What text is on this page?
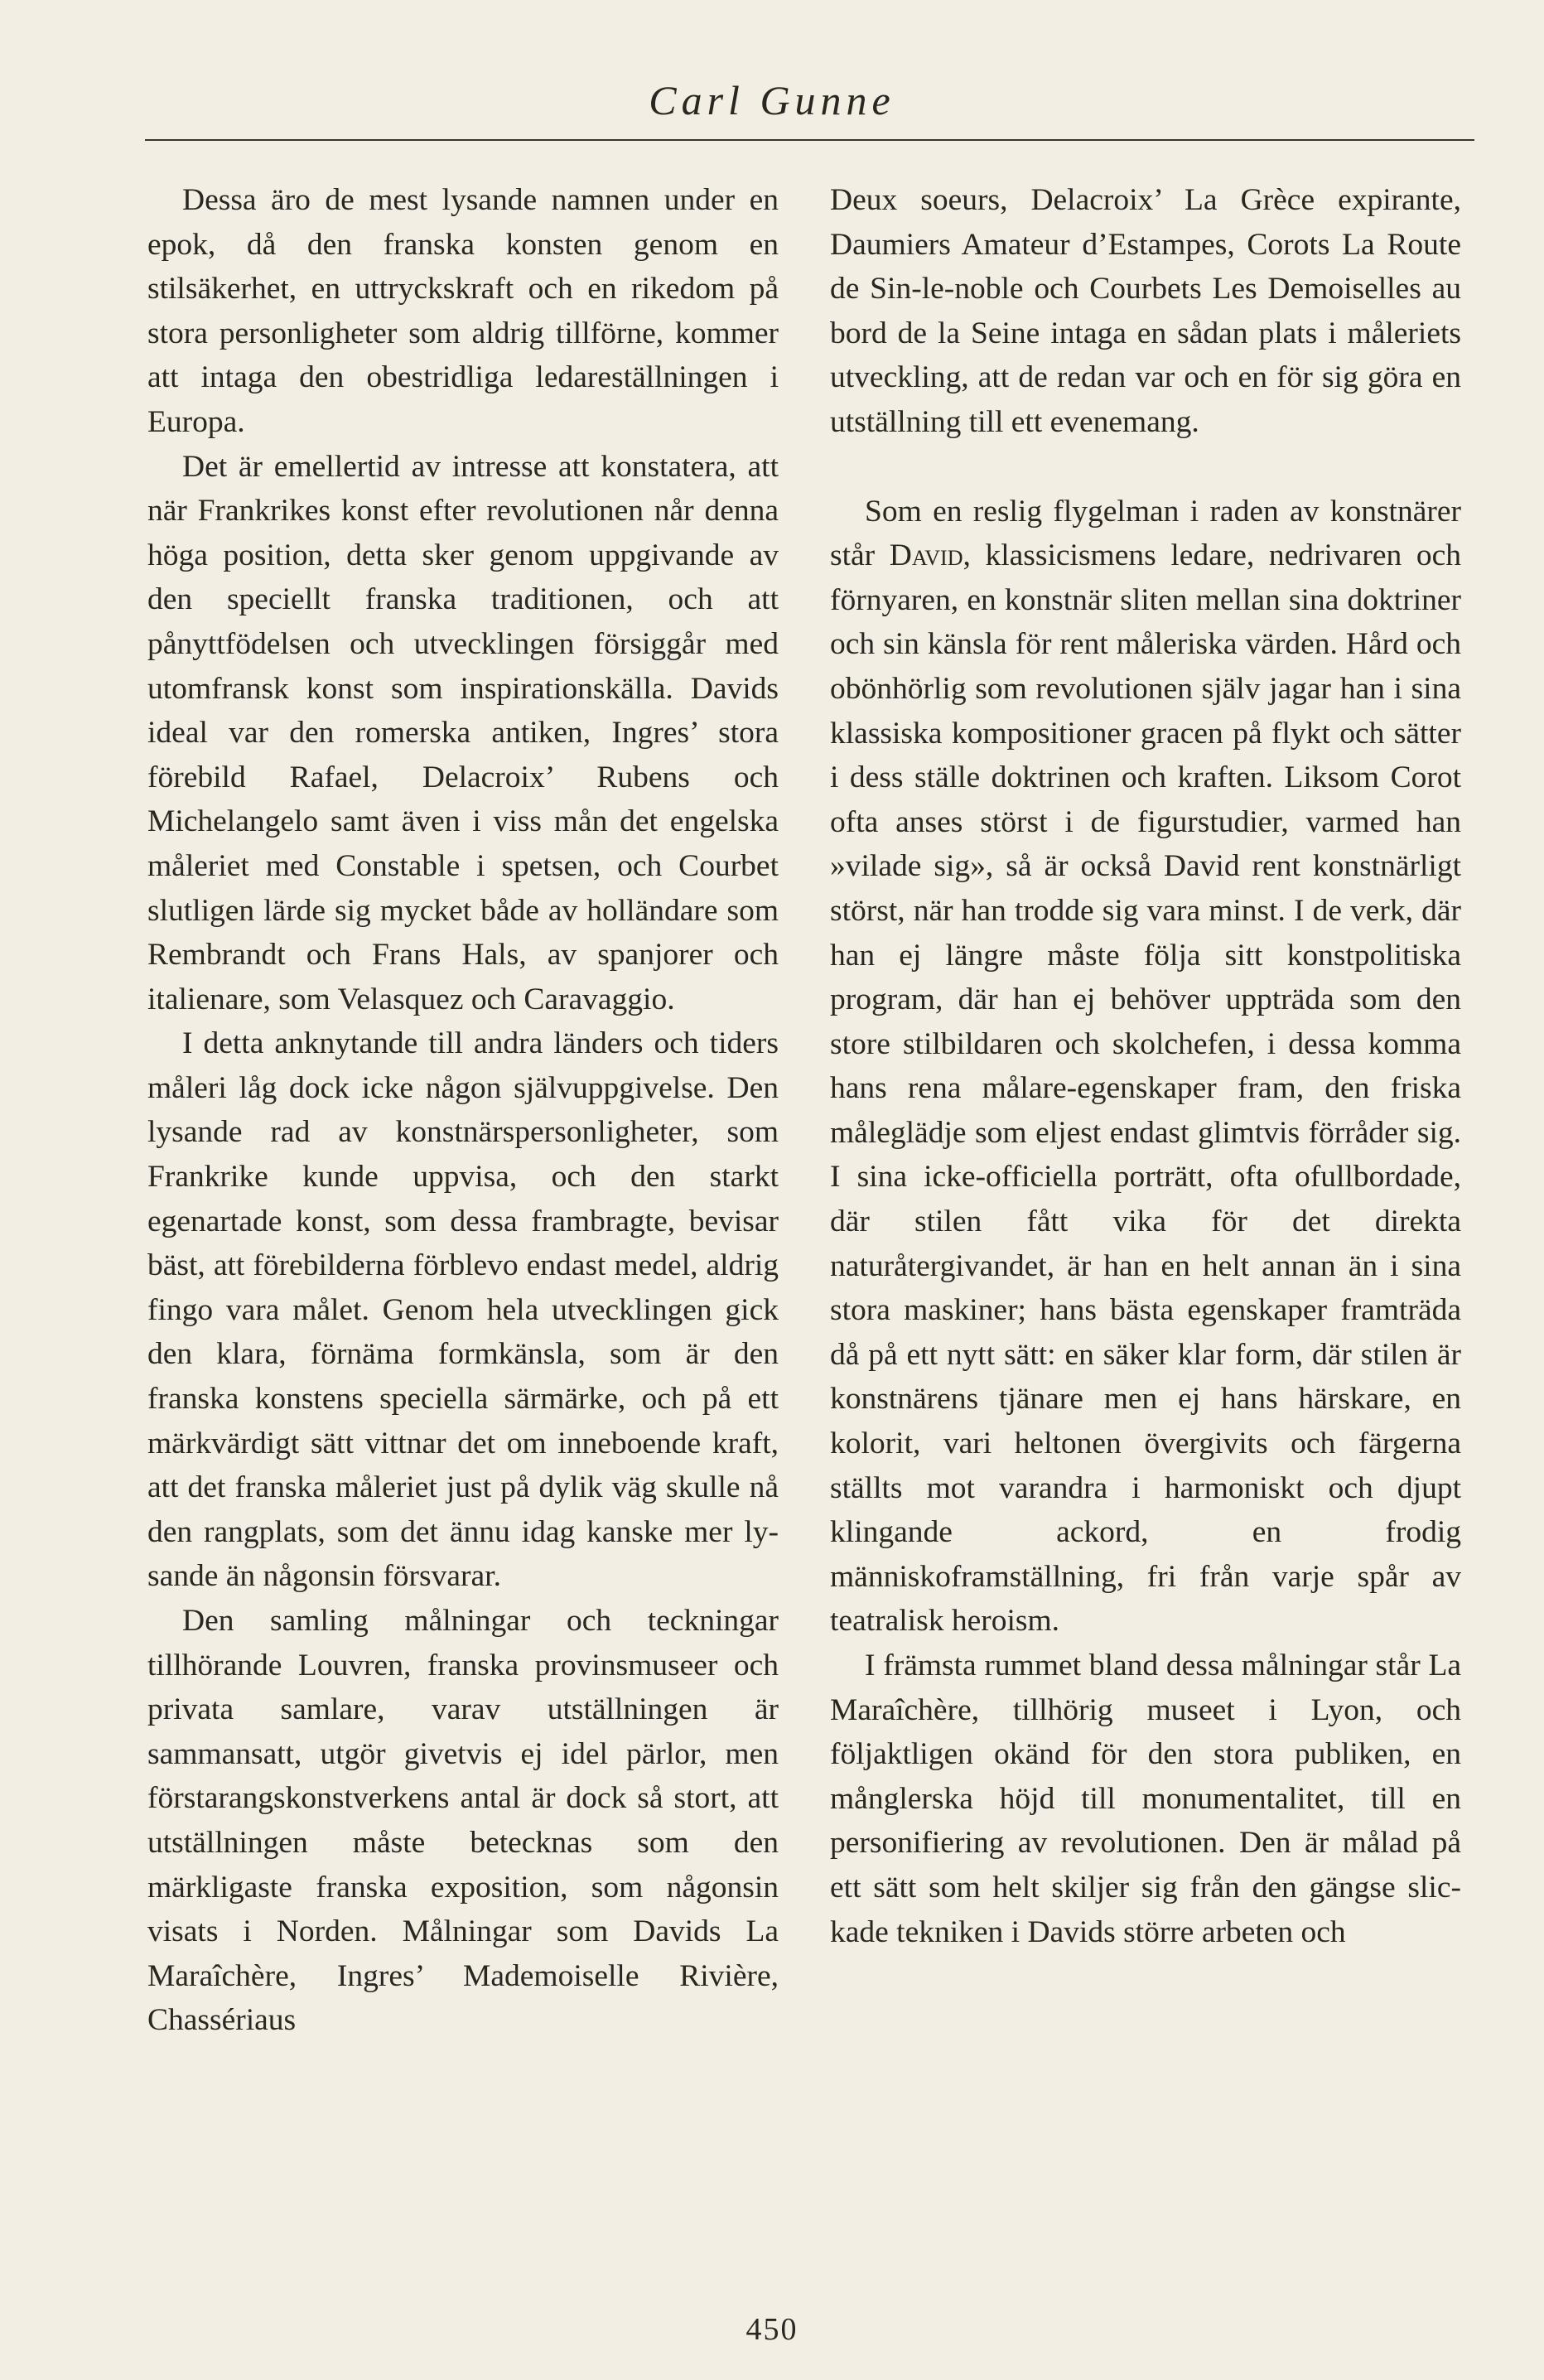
Carl Gunne

Dessa äro de mest lysande namnen under en epok, då den franska konsten genom en stilsäkerhet, en uttryckskraft och en rikedom på stora personligheter som aldrig tillförne, kommer att intaga den obestridliga ledareställningen i Europa.

Det är emellertid av intresse att konstatera, att när Frankrikes konst efter revolutionen når denna höga position, detta sker genom uppgivande av den speciellt franska traditionen, och att pånyttfödelsen och utvecklingen försiggår med utomfransk konst som inspirationskälla. Davids ideal var den romerska antiken, Ingres’ stora förebild Rafael, Delacroix’ Rubens och Michelangelo samt även i viss mån det engelska måleriet med Constable i spetsen, och Courbet slutligen lärde sig mycket både av holländare som Rembrandt och Frans Hals, av spanjorer och italienare, som Velasquez och Caravaggio.

I detta anknytande till andra länders och tiders måleri låg dock icke någon självuppgivelse. Den lysande rad av konstnärspersonligheter, som Frankrike kunde uppvisa, och den starkt egenartade konst, som dessa frambragte, bevisar bäst, att förebilderna förblevo endast medel, aldrig fingo vara målet. Genom hela utvecklingen gick den klara, förnäma formkänsla, som är den franska konstens speciella särmärke, och på ett märkvärdigt sätt vittnar det om inneboende kraft, att det franska måleriet just på dylik väg skulle nå den rangplats, som det ännu idag kanske mer lysande än någonsin försvarar.

Den samling målningar och teckningar tillhörande Louvren, franska provinsmuseer och privata samlare, varav utställningen är sammansatt, utgör givetvis ej idel pärlor, men förstarangskonstverkens antal är dock så stort, att utställningen måste betecknas som den märkligaste franska exposition, som någonsin visats i Norden. Målningar som Davids La Maraîchère, Ingres’ Mademoiselle Rivière, Chassériaus

Deux soeurs, Delacroix’ La Grèce expirante, Daumiers Amateur d’Estampes, Corots La Route de Sin-le-noble och Courbets Les Demoiselles au bord de la Seine intaga en sådan plats i måleriets utveckling, att de redan var och en för sig göra en utställning till ett evenemang.

Som en reslig flygelman i raden av konstnärer står David, klassicismens ledare, nedrivaren och förnyaren, en konstnär sliten mellan sina doktriner och sin känsla för rent måleriska värden. Hård och obönhörlig som revolutionen själv jagar han i sina klassiska kompositioner gracen på flykt och sätter i dess ställe doktrinen och kraften. Liksom Corot ofta anses störst i de figurstudier, varmed han »vilade sig», så är också David rent konstnärligt störst, när han trodde sig vara minst. I de verk, där han ej längre måste följa sitt konstpolitiska program, där han ej behöver uppträda som den store stilbildaren och skolchefen, i dessa komma hans rena målare-egenskaper fram, den friska måleglädje som eljest endast glimtvis förråder sig. I sina icke-officiella porträtt, ofta ofullbordade, där stilen fått vika för det direkta naturåtergivandet, är han en helt annan än i sina stora maskiner; hans bästa egenskaper framträda då på ett nytt sätt: en säker klar form, där stilen är konstnärens tjänare men ej hans härskare, en kolorit, vari heltonen övergivits och färgerna ställts mot varandra i harmoniskt och djupt klingande ackord, en frodig människoframställning, fri från varje spår av teatralisk heroism.

I främsta rummet bland dessa målningar står La Maraîchère, tillhörig museet i Lyon, och följaktligen okänd för den stora publiken, en månglerska höjd till monumentalitet, till en personifiering av revolutionen. Den är målad på ett sätt som helt skiljer sig från den gängse slickade tekniken i Davids större arbeten och

450
